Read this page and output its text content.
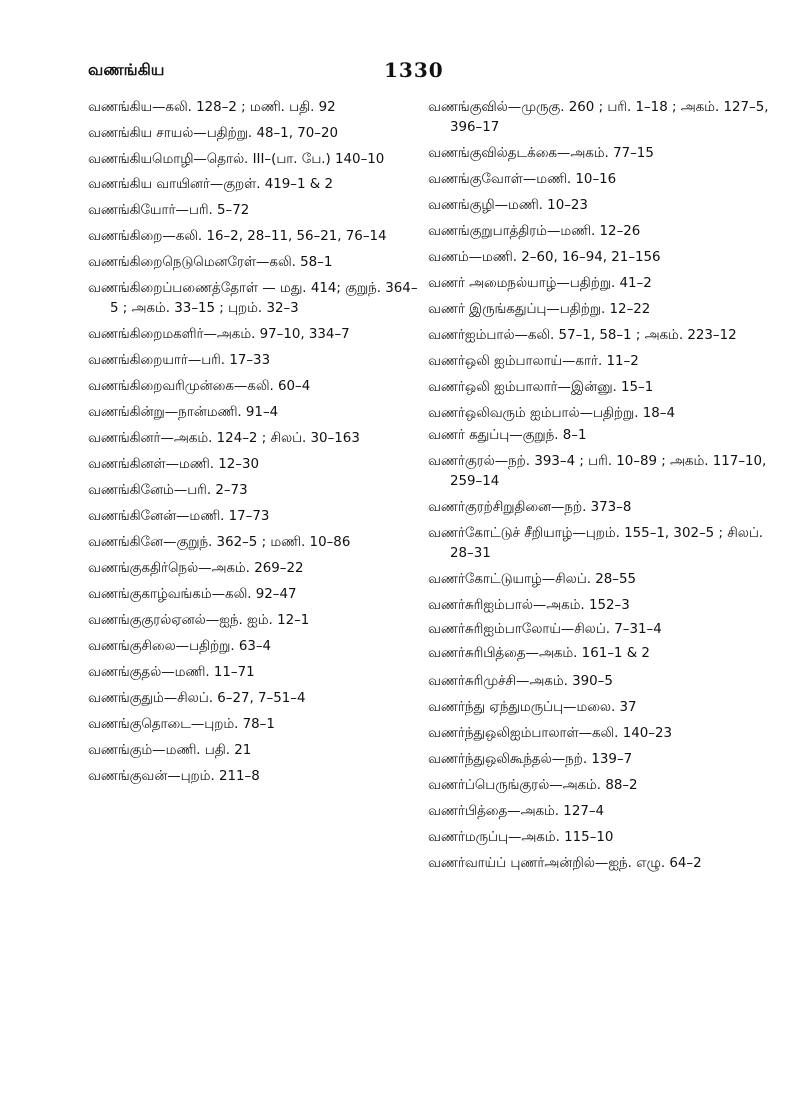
வணங்கிய	1330

வணங்கிய—கலி. 128–2 ; மணி. பதி. 92

வணங்கிய சாயல்—பதிற்று. 48–1, 70–20

வணங்கியமொழி—தொல். III–(பா. பே.) 140–10

வணங்கிய வாயினர்—குறள். 419–1 & 2

வணங்கியோர்—பரி. 5–72

வணங்கிறை—கலி. 16–2, 28–11, 56–21, 76–14

வணங்கிறைநெடுமெனரேள்—கலி. 58–1

வணங்கிறைப்பணைத்தோள் — மது. 414; குறுந். 364–5 ; அகம். 33–15 ; புறம். 32–3

வணங்கிறைமகளிர்—அகம். 97–10, 334–7

வணங்கிறையார்—பரி. 17–33

வணங்கிறைவரிமுன்கை—கலி. 60–4

வணங்கின்று—நான்மணி. 91–4

வணங்கினர்—அகம். 124–2 ; சிலப். 30–163

வணங்கினள்—மணி. 12–30

வணங்கினேம்—பரி. 2–73

வணங்கினேன்—மணி. 17–73

வணங்கினே—குறுந். 362–5 ; மணி. 10–86

வணங்குகதிர்நெல்—அகம். 269–22

வணங்குகாழ்வங்கம்—கலி. 92–47

வணங்குகுரல்ஏனல்—ஐந். ஐம். 12–1

வணங்குசிலை—பதிற்று. 63–4

வணங்குதல்—மணி. 11–71

வணங்குதும்—சிலப். 6–27, 7–51–4

வணங்குதொடை—புறம். 78–1

வணங்கும்—மணி. பதி. 21

வணங்குவன்—புறம். 211–8

வணங்குவில்—முருகு. 260 ; பரி. 1–18 ; அகம். 127–5, 396–17

வணங்குவில்தடக்கை—அகம். 77–15

வணங்குவோள்—மணி. 10–16

வணங்குழி—மணி. 10–23

வணங்குறுபாத்திரம்—மணி. 12–26

வணம்—மணி. 2–60, 16–94, 21–156

வணர் அமைநல்யாழ்—பதிற்று. 41–2

வணர் இருங்கதுப்பு—பதிற்று. 12–22

வணர்ஐம்பால்—கலி. 57–1, 58–1 ; அகம். 223–12

வணர்ஒலி ஐம்பாலாய்—கார். 11–2

வணர்ஒலி ஐம்பாலார்—இன்னு. 15–1

வணர்ஒலிவரும் ஐம்பால்—பதிற்று. 18–4

வணர் கதுப்பு—குறுந். 8–1

வணர்குரல்—நற். 393–4 ; பரி. 10–89 ; அகம். 117–10, 259–14

வணர்குரற்சிறுதினை—நற். 373–8

வணர்கோட்டுச் சீறியாழ்—புறம். 155–1, 302–5 ; சிலப். 28–31

வணர்கோட்டுயாழ்—சிலப். 28–55

வணர்சுரிஐம்பால்—அகம். 152–3

வணர்சுரிஐம்பாலோய்—சிலப். 7–31–4

வணர்சுரிபித்தை—அகம். 161–1 & 2

வணர்சுரிமுச்சி—அகம். 390–5

வணர்ந்து ஏந்துமருப்பு—மலை. 37

வணர்ந்துஒலிஐம்பாலாள்—கலி. 140–23

வணர்ந்துஒலிகூந்தல்—நற். 139–7

வணர்ப்பெருங்குரல்—அகம். 88–2

வணர்பித்தை—அகம். 127–4

வணர்மருப்பு—அகம். 115–10

வணர்வாய்ப் புணர்அன்றில்—ஐந். எழு. 64–2
